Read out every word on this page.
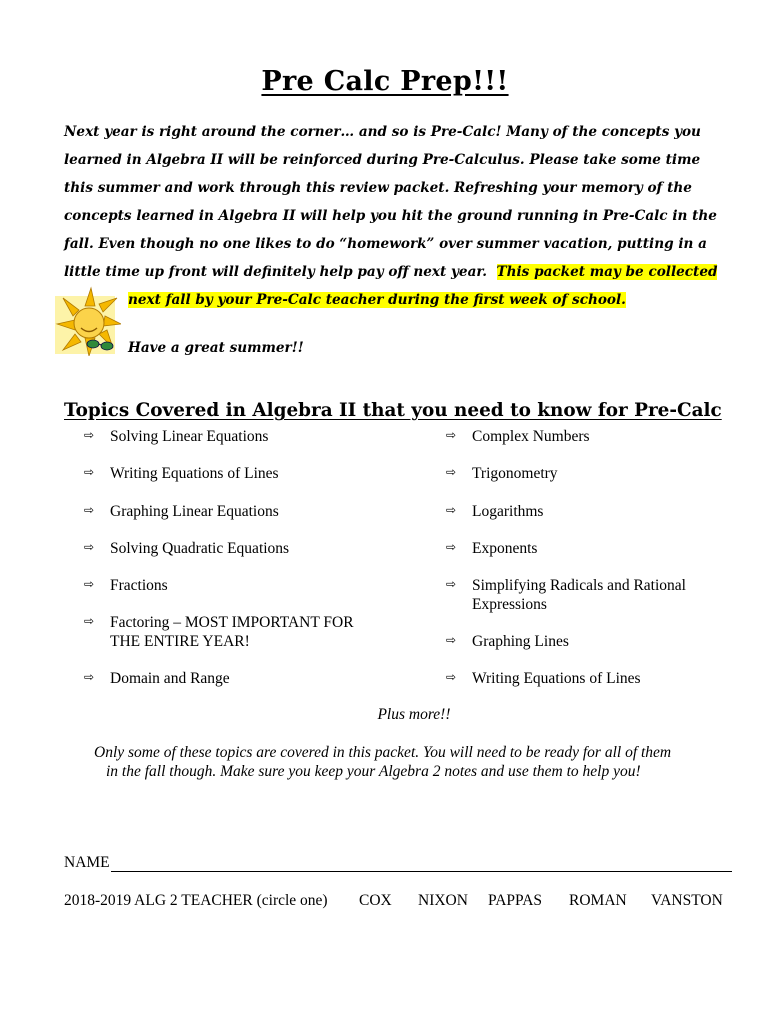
Pre Calc Prep!!!
Next year is right around the corner… and so is Pre-Calc! Many of the concepts you
learned in Algebra II will be reinforced during Pre-Calculus. Please take some time
this summer and work through this review packet. Refreshing your memory of the
concepts learned in Algebra II will help you hit the ground running in Pre-Calc in the
fall. Even though no one likes to do “homework” over summer vacation, putting in a
little time up front will definitely help pay off next year.  This packet may be collected
next fall by your Pre-Calc teacher during the first week of school.
Have a great summer!!
Topics Covered in Algebra II that you need to know for Pre-Calc
⇨	Solving Linear Equations
⇨	Writing Equations of Lines
⇨	Graphing Linear Equations
⇨	Solving Quadratic Equations
⇨	Fractions
⇨	Factoring – MOST IMPORTANT FOR
THE ENTIRE YEAR!
⇨	Domain and Range
⇨	Complex Numbers
⇨	Trigonometry
⇨	Logarithms
⇨	Exponents
⇨	Simplifying Radicals and Rational
Expressions
⇨	Graphing Lines
⇨	Writing Equations of Lines
Plus more!!
Only some of these topics are covered in this packet. You will need to be ready for all of them
in the fall though. Make sure you keep your Algebra 2 notes and use them to help you!
NAME
2018-2019 ALG 2 TEACHER (circle one) COX NIXON PAPPAS ROMAN VANSTON
